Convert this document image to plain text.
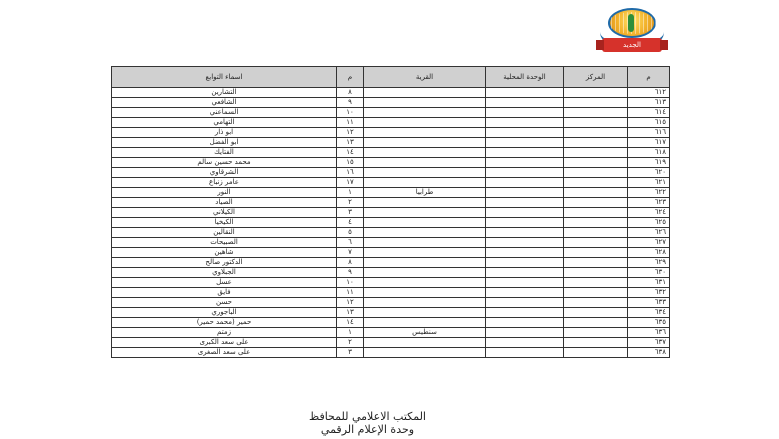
الجديد
م	المركز	الوحدة المحلية	القرية	م	اسماء التوابع
٦١٢				٨	التشارين
٦١٣				٩	الشافعي
٦١٤				١٠	السماعني
٦١٥				١١	التهامي
٦١٦				١٢	ابو ذار
٦١٧				١٣	ابو الفضل
٦١٨				١٤	الفتايك
٦١٩				١٥	محمد حسين سالم
٦٢٠				١٦	الشرقاوي
٦٢١				١٧	عامر زنباع
٦٢٢			طرابيا	١	النور
٦٢٣				٢	الصياد
٦٢٤				٣	الكيلاني
٦٢٥				٤	الكيخيا
٦٢٦				٥	النقالين
٦٢٧				٦	الصبيحات
٦٢٨				٧	شاهين
٦٢٩				٨	الدكتور صالح
٦٣٠				٩	الجبلاوي
٦٣١				١٠	عسل
٦٣٢				١١	فايق
٦٣٣				١٢	حسن
٦٣٤				١٣	الباجوري
٦٣٥				١٤	حمير (محمد حمير)
٦٣٦			سنطيس	١	زمتم
٦٣٧				٢	على سعد الكبرى
٦٣٨				٣	على سعد الصغرى
المكتب الاعلامي للمحافظ
وحدة الإعلام الرقمي
